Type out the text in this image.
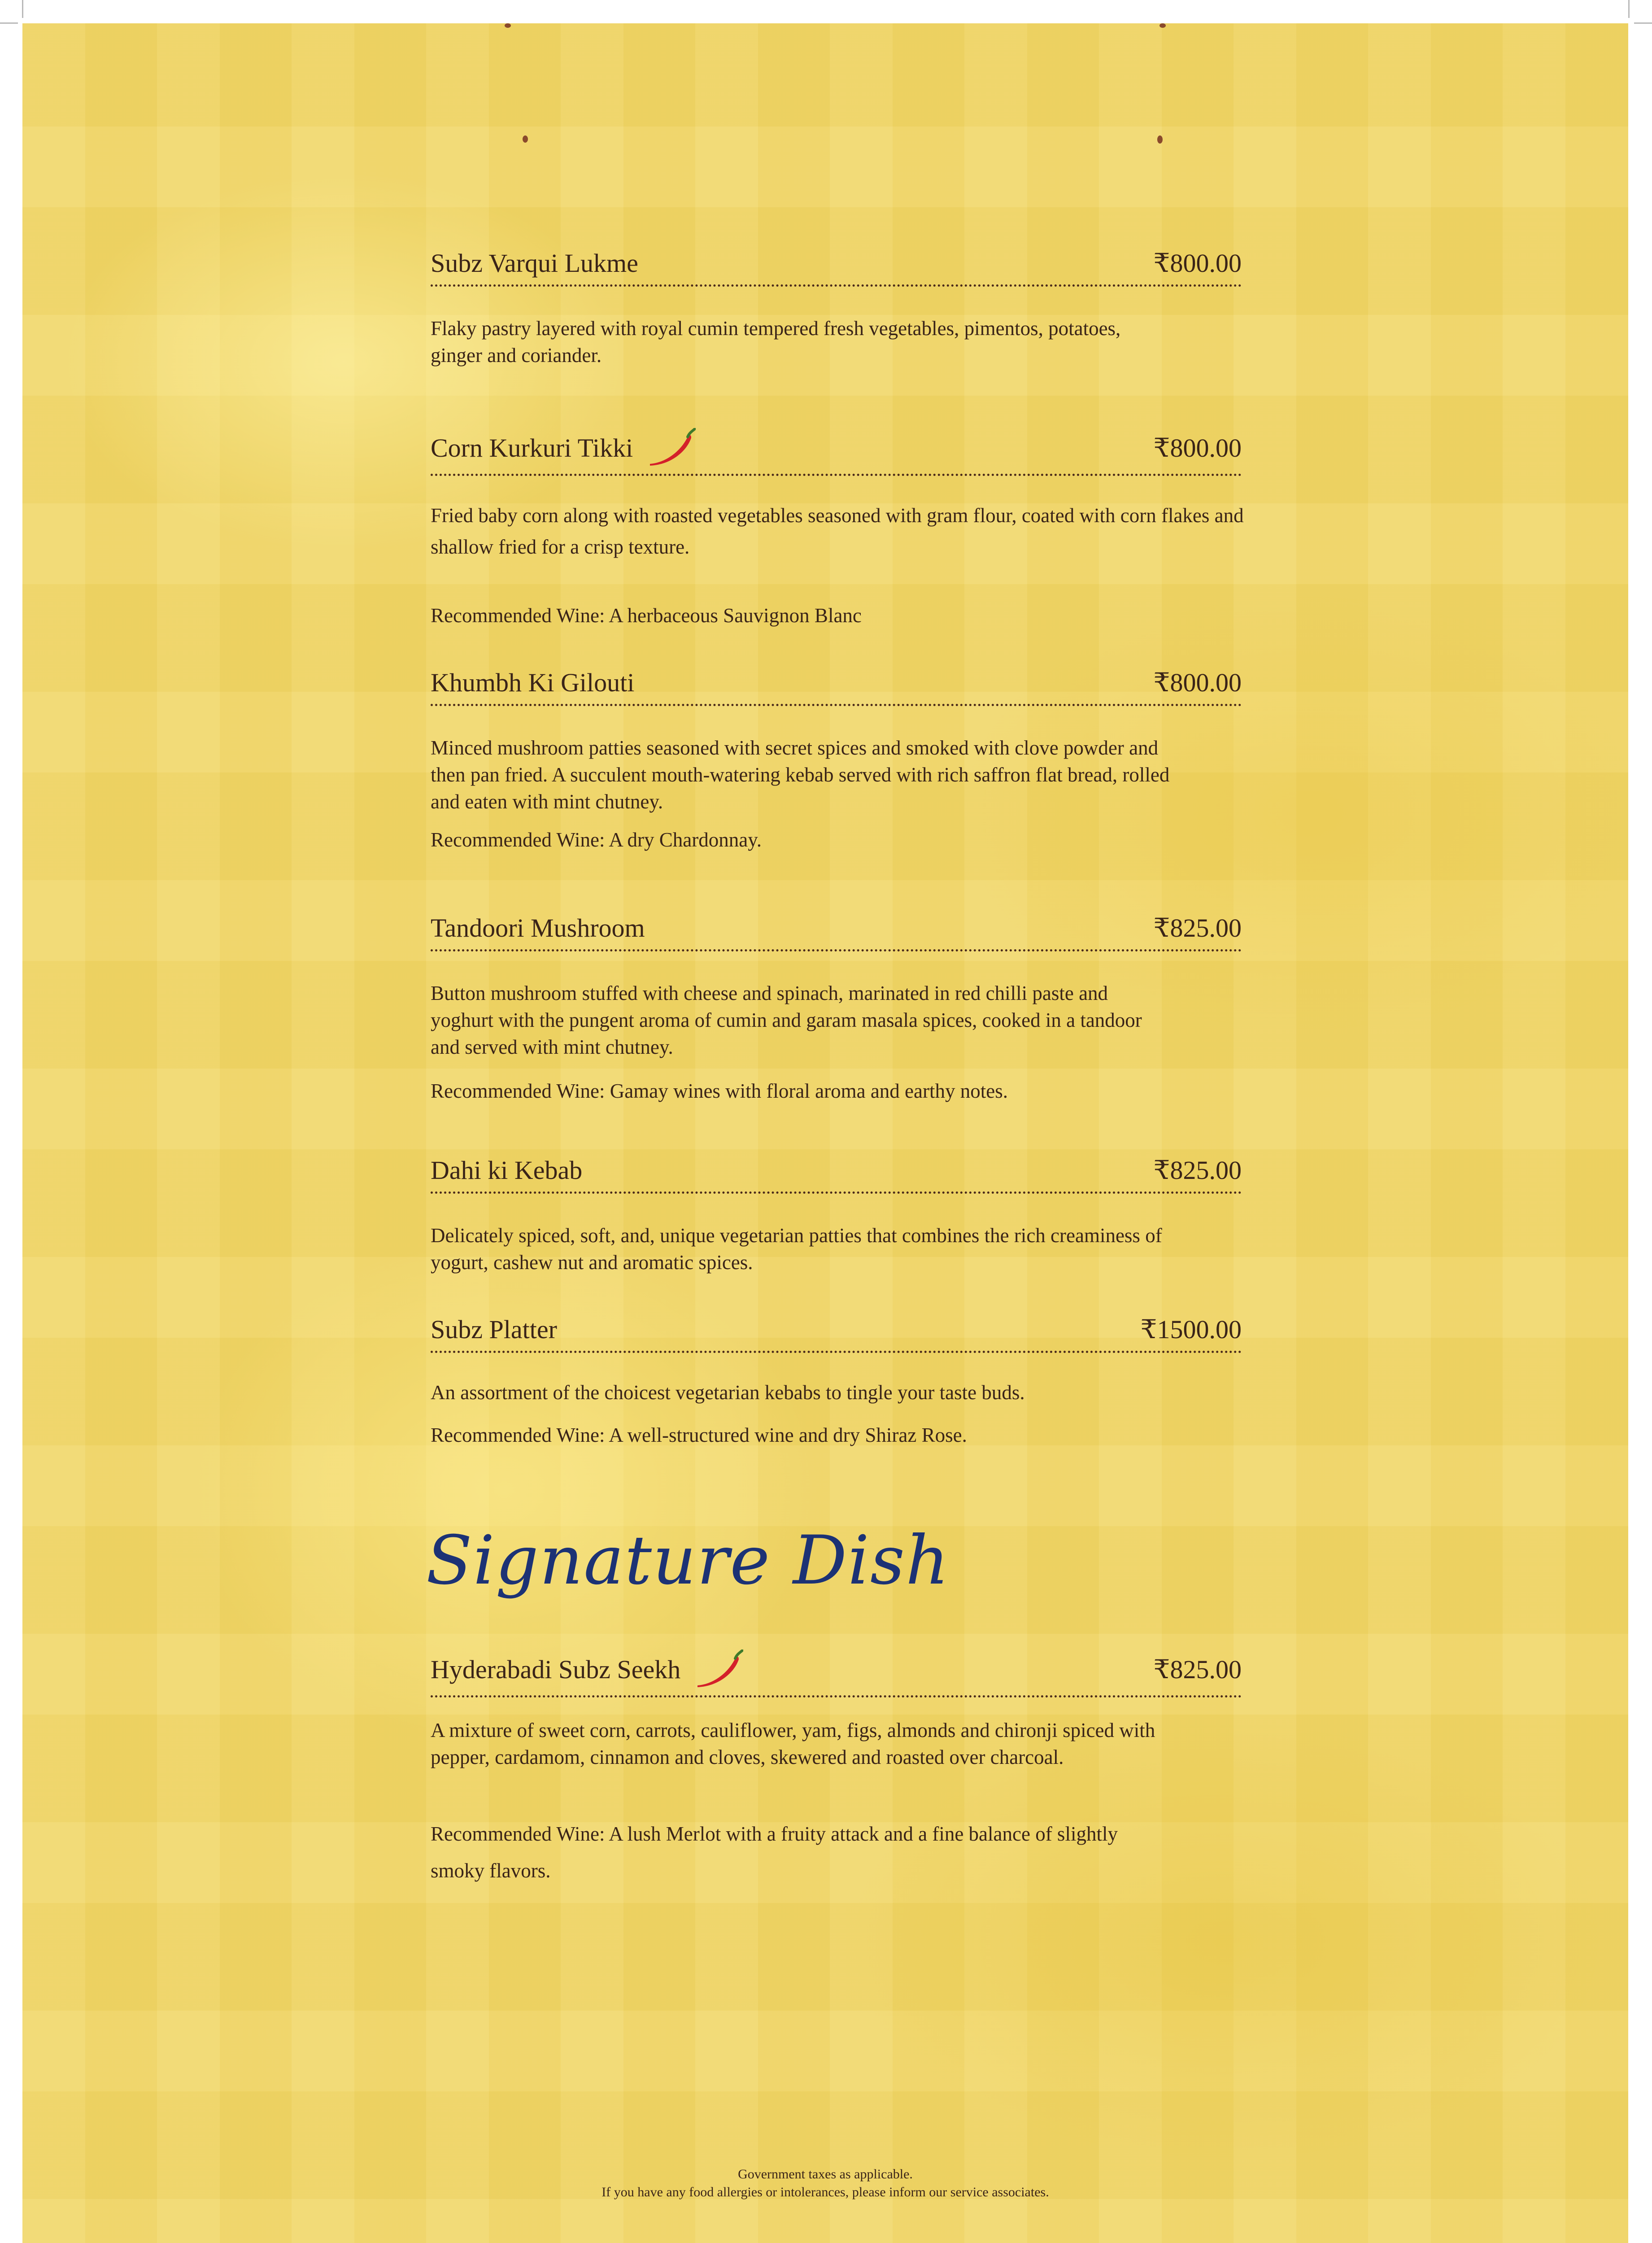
Subz Varqui Lukme	₹800.00

Flaky pastry layered with royal cumin tempered fresh vegetables, pimentos, potatoes, ginger and coriander.

Corn Kurkuri Tikki	₹800.00

Fried baby corn along with roasted vegetables seasoned with gram flour, coated with corn flakes and shallow fried for a crisp texture.

Recommended Wine: A herbaceous Sauvignon Blanc

Khumbh Ki Gilouti	₹800.00

Minced mushroom patties seasoned with secret spices and smoked with clove powder and then pan fried. A succulent mouth-watering kebab served with rich saffron flat bread, rolled and eaten with mint chutney.

Recommended Wine: A dry Chardonnay.

Tandoori Mushroom	₹825.00

Button mushroom stuffed with cheese and spinach, marinated in red chilli paste and yoghurt with the pungent aroma of cumin and garam masala spices, cooked in a tandoor and served with mint chutney.

Recommended Wine: Gamay wines with floral aroma and earthy notes.

Dahi ki Kebab	₹825.00

Delicately spiced, soft, and, unique vegetarian patties that combines the rich creaminess of yogurt, cashew nut and aromatic spices.

Subz Platter	₹1500.00

An assortment of the choicest vegetarian kebabs to tingle your taste buds.

Recommended Wine: A well-structured wine and dry Shiraz Rose.

Signature Dish
Hyderabadi Subz Seekh	₹825.00

A mixture of sweet corn, carrots, cauliflower, yam, figs, almonds and chironji spiced with pepper, cardamom, cinnamon and cloves, skewered and roasted over charcoal.

Recommended Wine: A lush Merlot with a fruity attack and a fine balance of slightly smoky flavors.

Government taxes as applicable.
If you have any food allergies or intolerances, please inform our service associates.
